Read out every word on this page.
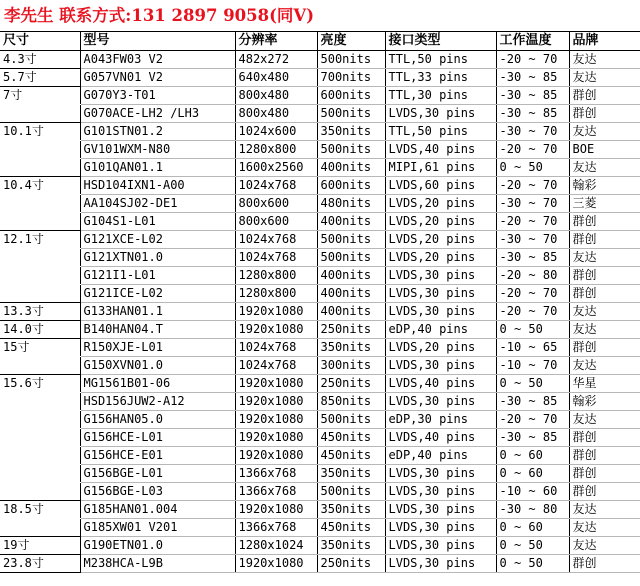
李先生 联系方式:131 2897 9058(同V)
尺寸	型号	分辨率	亮度	接口类型	工作温度	品牌
4.3寸	A043FW03 V2	482x272	500nits	TTL,50 pins	-20 ~ 70	友达
5.7寸	G057VN01 V2	640x480	700nits	TTL,33 pins	-30 ~ 85	友达
7寸	G070Y3-T01	800x480	600nits	TTL,30 pins	-30 ~ 85	群创
	G070ACE-LH2 /LH3	800x480	500nits	LVDS,30 pins	-30 ~ 85	群创
10.1寸	G101STN01.2	1024x600	350nits	TTL,50 pins	-30 ~ 70	友达
	GV101WXM-N80	1280x800	500nits	LVDS,40 pins	-20 ~ 70	BOE
	G101QAN01.1	1600x2560	400nits	MIPI,61 pins	0 ~ 50	友达
10.4寸	HSD104IXN1-A00	1024x768	600nits	LVDS,60 pins	-20 ~ 70	翰彩
	AA104SJ02-DE1	800x600	480nits	LVDS,20 pins	-30 ~ 70	三菱
	G104S1-L01	800x600	400nits	LVDS,20 pins	-20 ~ 70	群创
12.1寸	G121XCE-L02	1024x768	500nits	LVDS,20 pins	-30 ~ 70	群创
	G121XTN01.0	1024x768	500nits	LVDS,20 pins	-30 ~ 85	友达
	G121I1-L01	1280x800	400nits	LVDS,30 pins	-20 ~ 80	群创
	G121ICE-L02	1280x800	400nits	LVDS,30 pins	-20 ~ 70	群创
13.3寸	G133HAN01.1	1920x1080	400nits	LVDS,30 pins	-20 ~ 70	友达
14.0寸	B140HAN04.T	1920x1080	250nits	eDP,40 pins	0 ~ 50	友达
15寸	R150XJE-L01	1024x768	350nits	LVDS,20 pins	-10 ~ 65	群创
	G150XVN01.0	1024x768	300nits	LVDS,30 pins	-10 ~ 70	友达
15.6寸	MG1561B01-06	1920x1080	250nits	LVDS,40 pins	0 ~ 50	华星
	HSD156JUW2-A12	1920x1080	850nits	LVDS,30 pins	-30 ~ 85	翰彩
	G156HAN05.0	1920x1080	500nits	eDP,30 pins	-20 ~ 70	友达
	G156HCE-L01	1920x1080	450nits	LVDS,40 pins	-30 ~ 85	群创
	G156HCE-E01	1920x1080	450nits	eDP,40 pins	0 ~ 60	群创
	G156BGE-L01	1366x768	350nits	LVDS,30 pins	0 ~ 60	群创
	G156BGE-L03	1366x768	500nits	LVDS,30 pins	-10 ~ 60	群创
18.5寸	G185HAN01.004	1920x1080	350nits	LVDS,30 pins	-30 ~ 80	友达
	G185XW01 V201	1366x768	450nits	LVDS,30 pins	0 ~ 60	友达
19寸	G190ETN01.0	1280x1024	350nits	LVDS,30 pins	0 ~ 50	友达
23.8寸	M238HCA-L9B	1920x1080	250nits	LVDS,30 pins	0 ~ 50	群创
